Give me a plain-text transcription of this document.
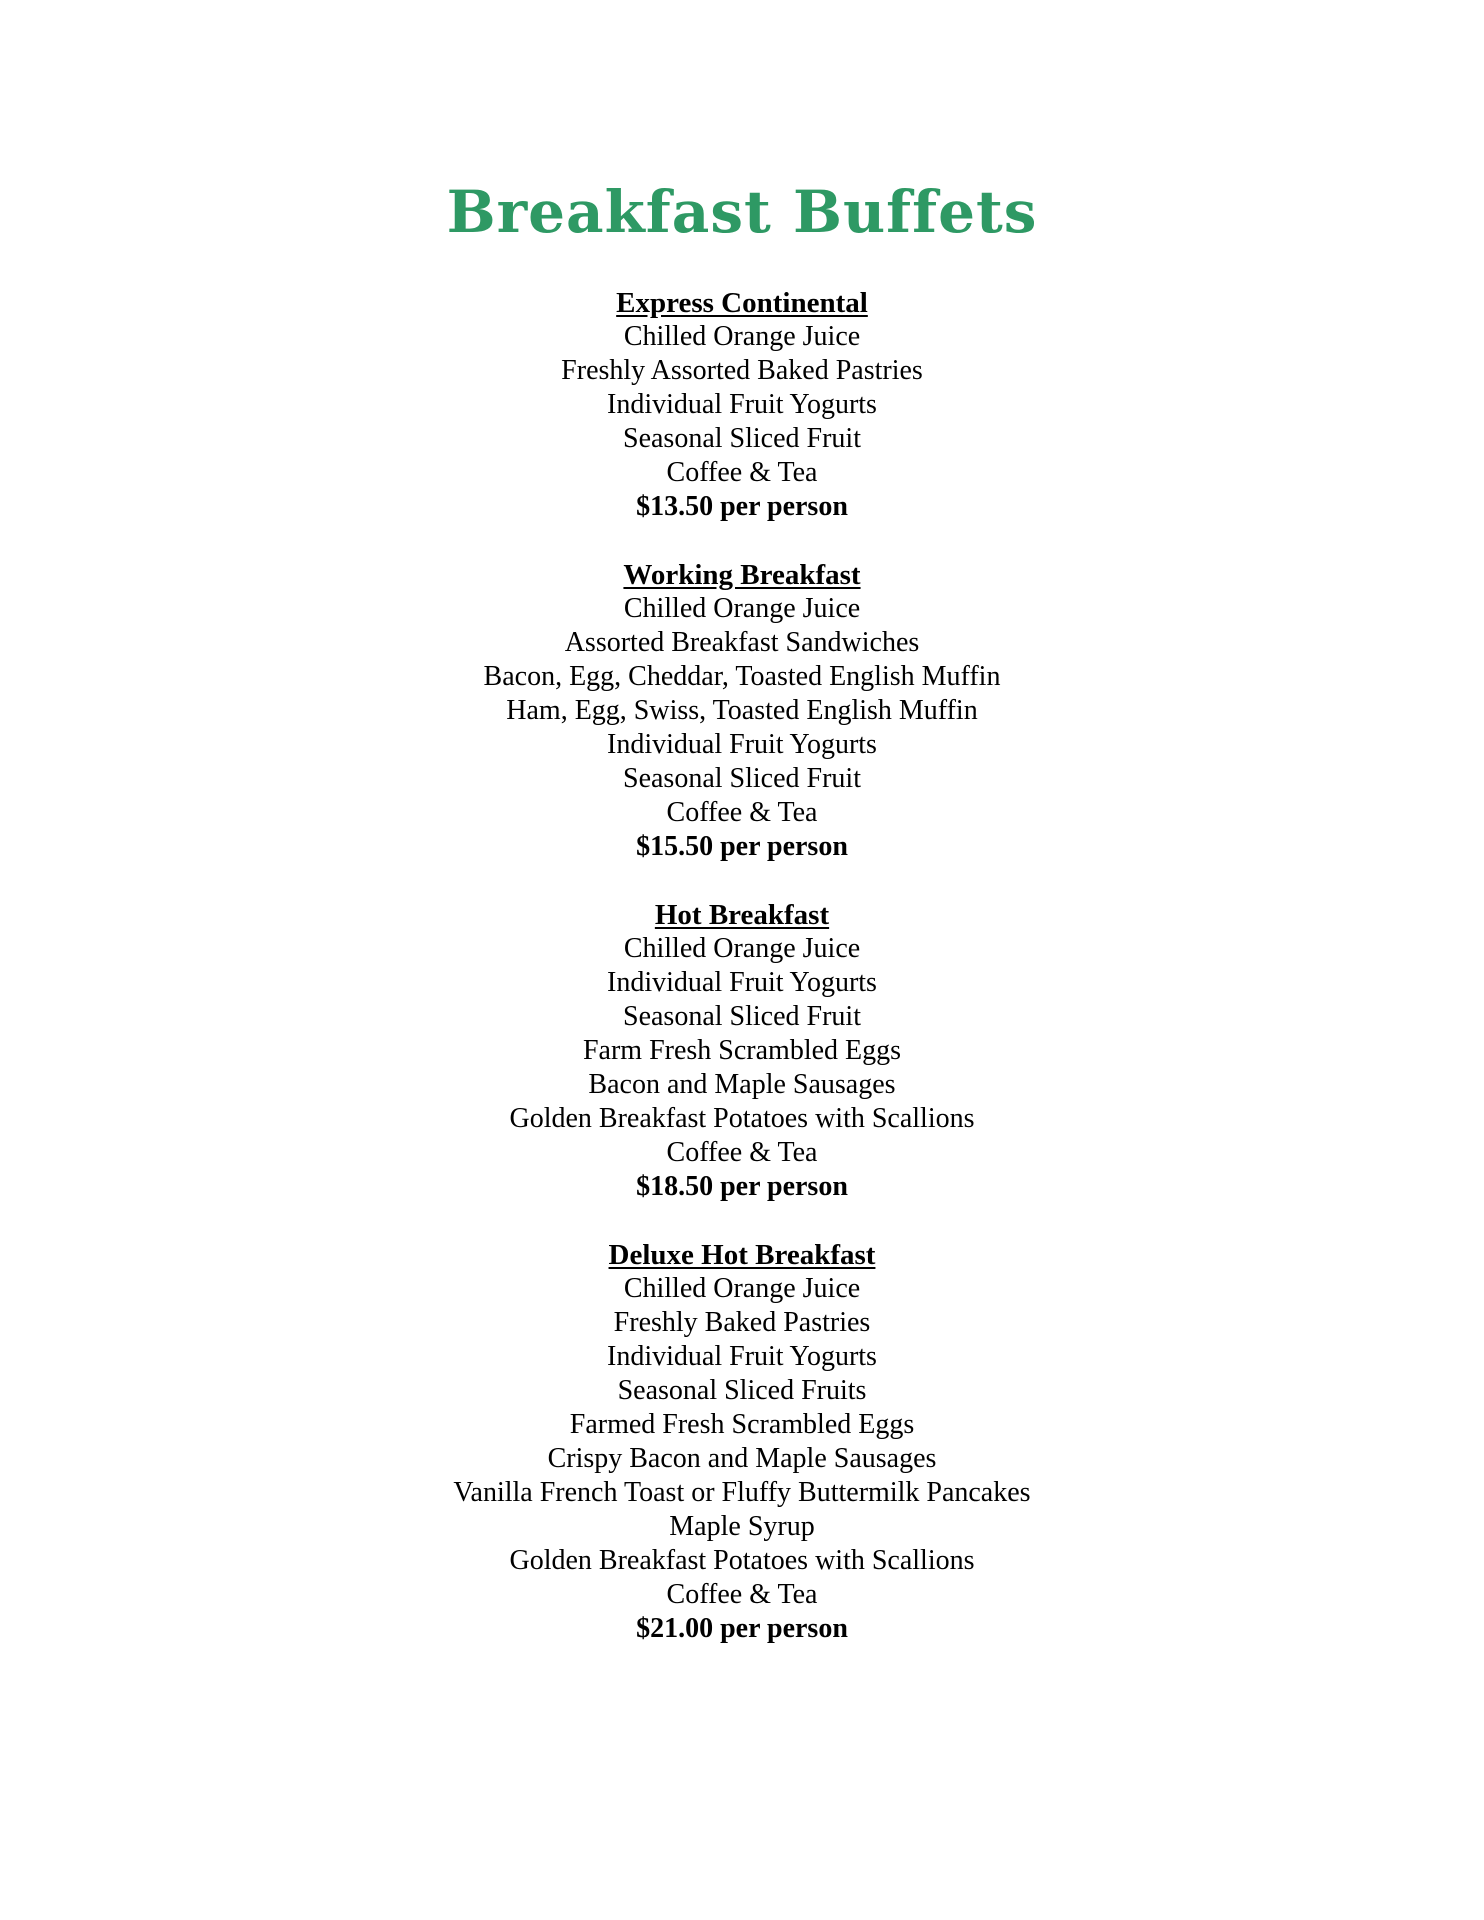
Breakfast Buffets

Express Continental

Chilled Orange Juice

Freshly Assorted Baked Pastries

Individual Fruit Yogurts

Seasonal Sliced Fruit

Coffee & Tea

$13.50 per person

Working Breakfast

Chilled Orange Juice

Assorted Breakfast Sandwiches

Bacon, Egg, Cheddar, Toasted English Muffin

Ham, Egg, Swiss, Toasted English Muffin

Individual Fruit Yogurts

Seasonal Sliced Fruit

Coffee & Tea

$15.50 per person

Hot Breakfast

Chilled Orange Juice

Individual Fruit Yogurts

Seasonal Sliced Fruit

Farm Fresh Scrambled Eggs

Bacon and Maple Sausages

Golden Breakfast Potatoes with Scallions

Coffee & Tea

$18.50 per person

Deluxe Hot Breakfast

Chilled Orange Juice

Freshly Baked Pastries

Individual Fruit Yogurts

Seasonal Sliced Fruits

Farmed Fresh Scrambled Eggs

Crispy Bacon and Maple Sausages

Vanilla French Toast or Fluffy Buttermilk Pancakes

Maple Syrup

Golden Breakfast Potatoes with Scallions

Coffee & Tea

$21.00 per person
